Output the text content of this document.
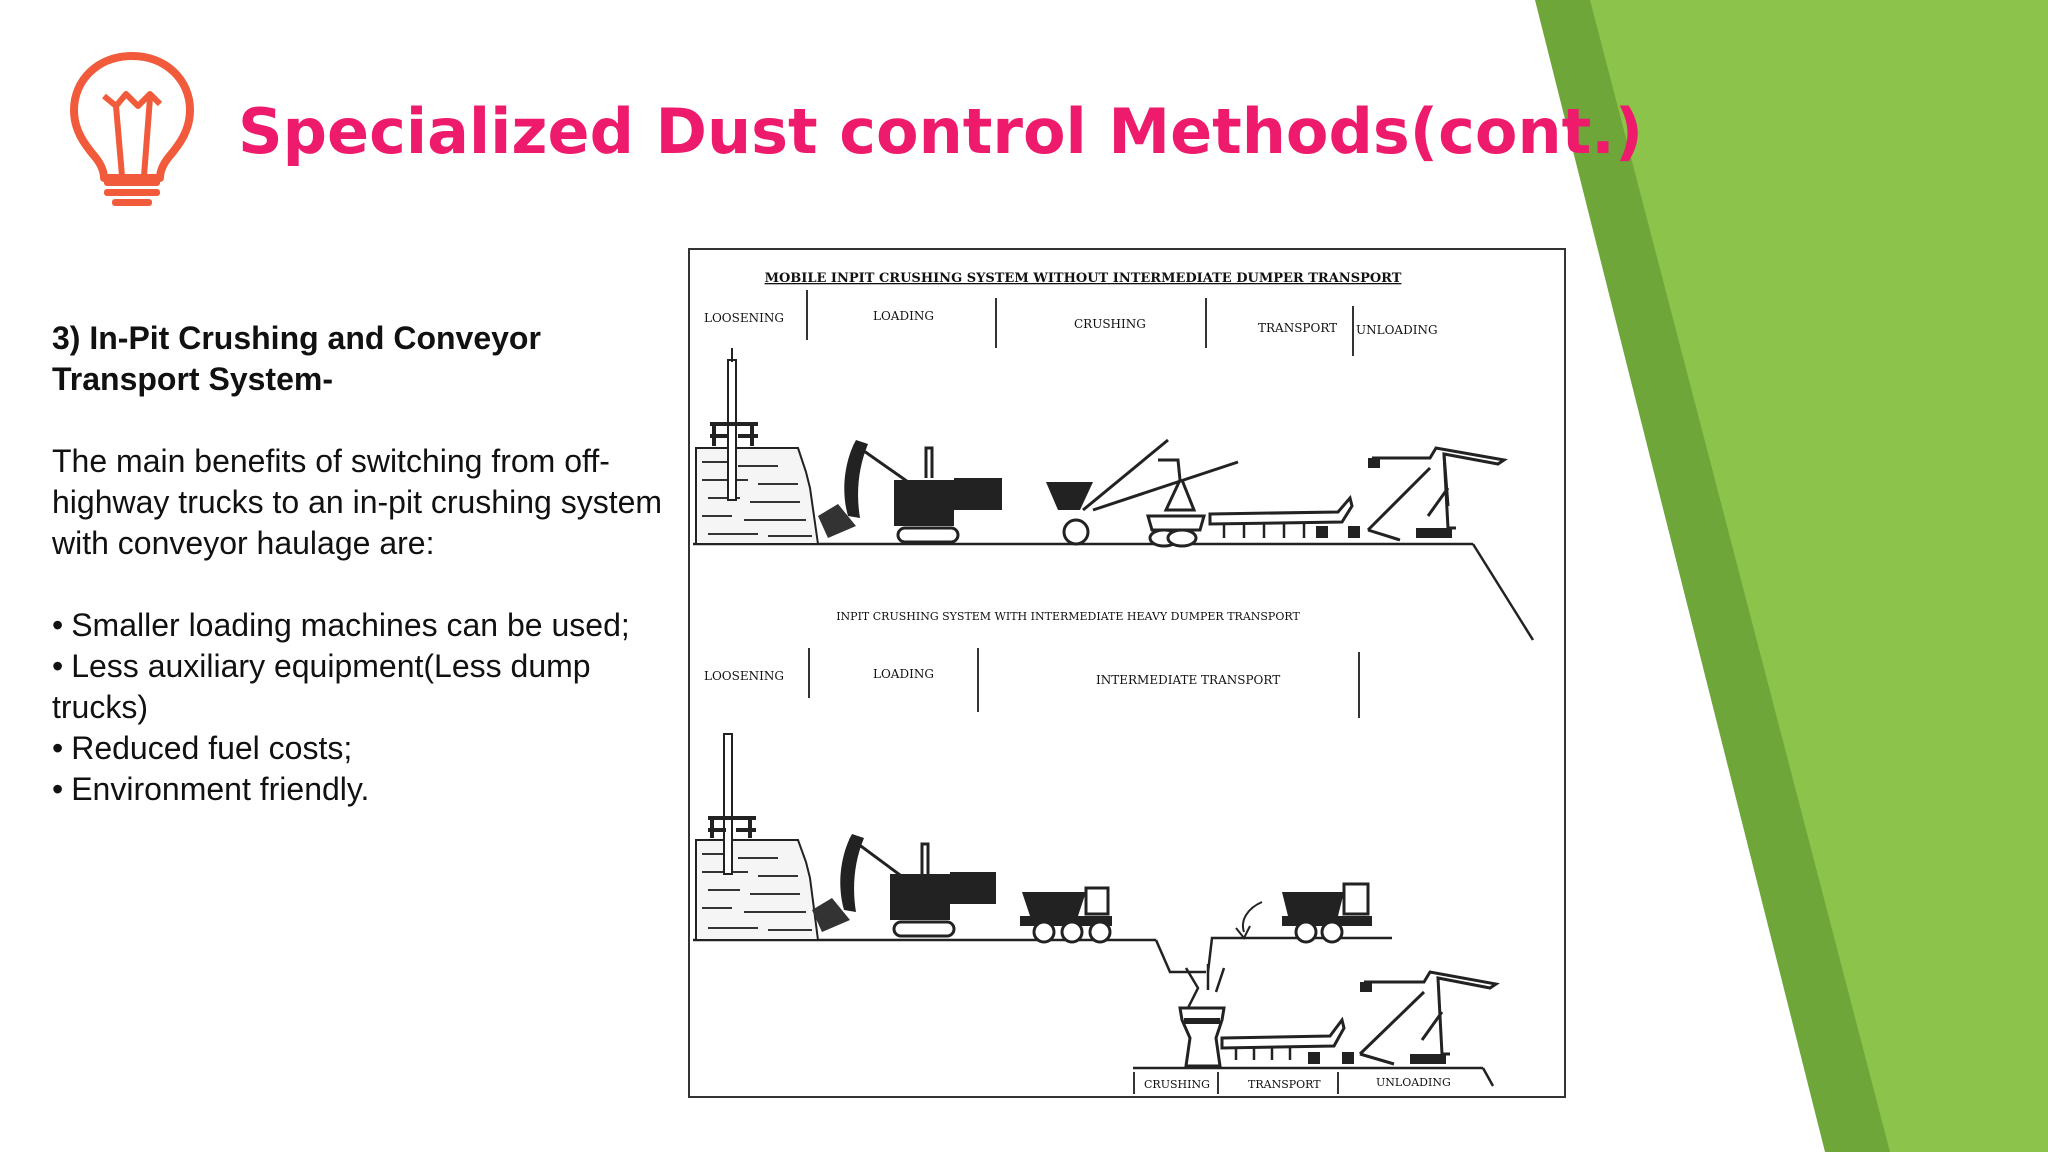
Specialized Dust control Methods(cont.)

3) In-Pit Crushing and Conveyor Transport System-

The main benefits of switching from off-highway trucks to an in-pit crushing system with conveyor haulage are:

• Smaller loading machines can be used;
• Less auxiliary equipment(Less dump trucks)
• Reduced fuel costs;
• Environment friendly.
MOBILE INPIT CRUSHING SYSTEM WITHOUT INTERMEDIATE DUMPER TRANSPORT
LOOSENING	LOADING
CRUSHING	TRANSPORT UNLOADING
INPIT CRUSHING SYSTEM WITH INTERMEDIATE HEAVY DUMPER TRANSPORT
LOOSENING	LOADING	INTERMEDIATE TRANSPORT
CRUSHING	TRANSPORT	UNLOADING
